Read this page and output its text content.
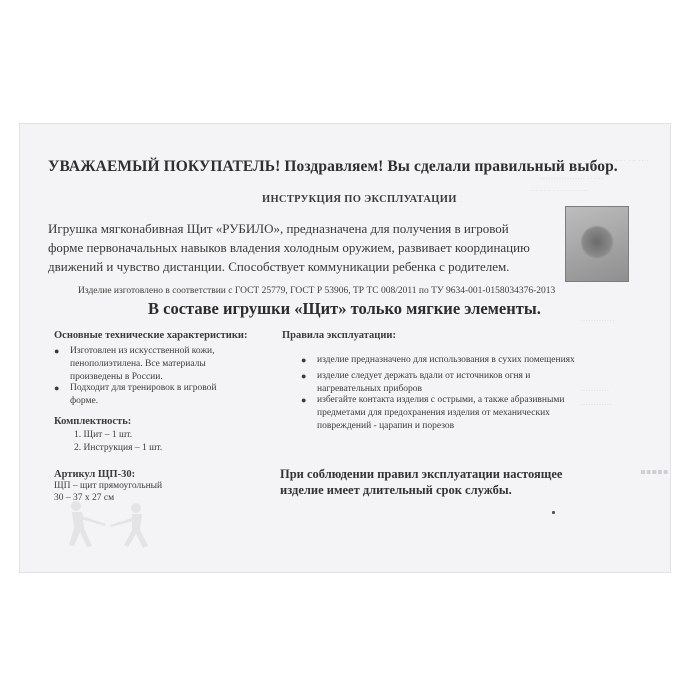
······ ··· ····
················· ······
········ ·············
·············
···········
············
▪▪▪▪▪
УВАЖАЕМЫЙ ПОКУПАТЕЛЬ! Поздравляем! Вы сделали правильный выбор.
ИНСТРУКЦИЯ ПО ЭКСПЛУАТАЦИИ
Игрушка мягконабивная Щит «РУБИЛО», предназначена для получения в игровой
форме первоначальных навыков владения холодным оружием, развивает координацию
движений и чувство дистанции. Способствует коммуникации ребенка с родителем.
Изделие изготовлено в соответствии с ГОСТ 25779, ГОСТ Р 53906, ТР ТС 008/2011 по ТУ 9634-001-0158034376-2013
В составе игрушки «Щит» только мягкие элементы.
Основные технические характеристики:
● Изготовлен из искусственной кожи,
пенополиэтилена. Все материалы
произведены в России.
● Подходит для тренировок в игровой
форме.
Правила эксплуатации:
● изделие предназначено для использования в сухих помещениях
● изделие следует держать вдали от источников огня и
нагревательных приборов
● избегайте контакта изделия с острыми, а также абразивными
предметами для предохранения изделия от механических
повреждений - царапин и порезов
Комплектность:
1. Щит – 1 шт.
2. Инструкция – 1 шт.
Артикул ЩП-30:
ЩП – щит прямоугольный
30 – 37 x 27 см
При соблюдении правил эксплуатации настоящее
изделие имеет длительный срок службы.
